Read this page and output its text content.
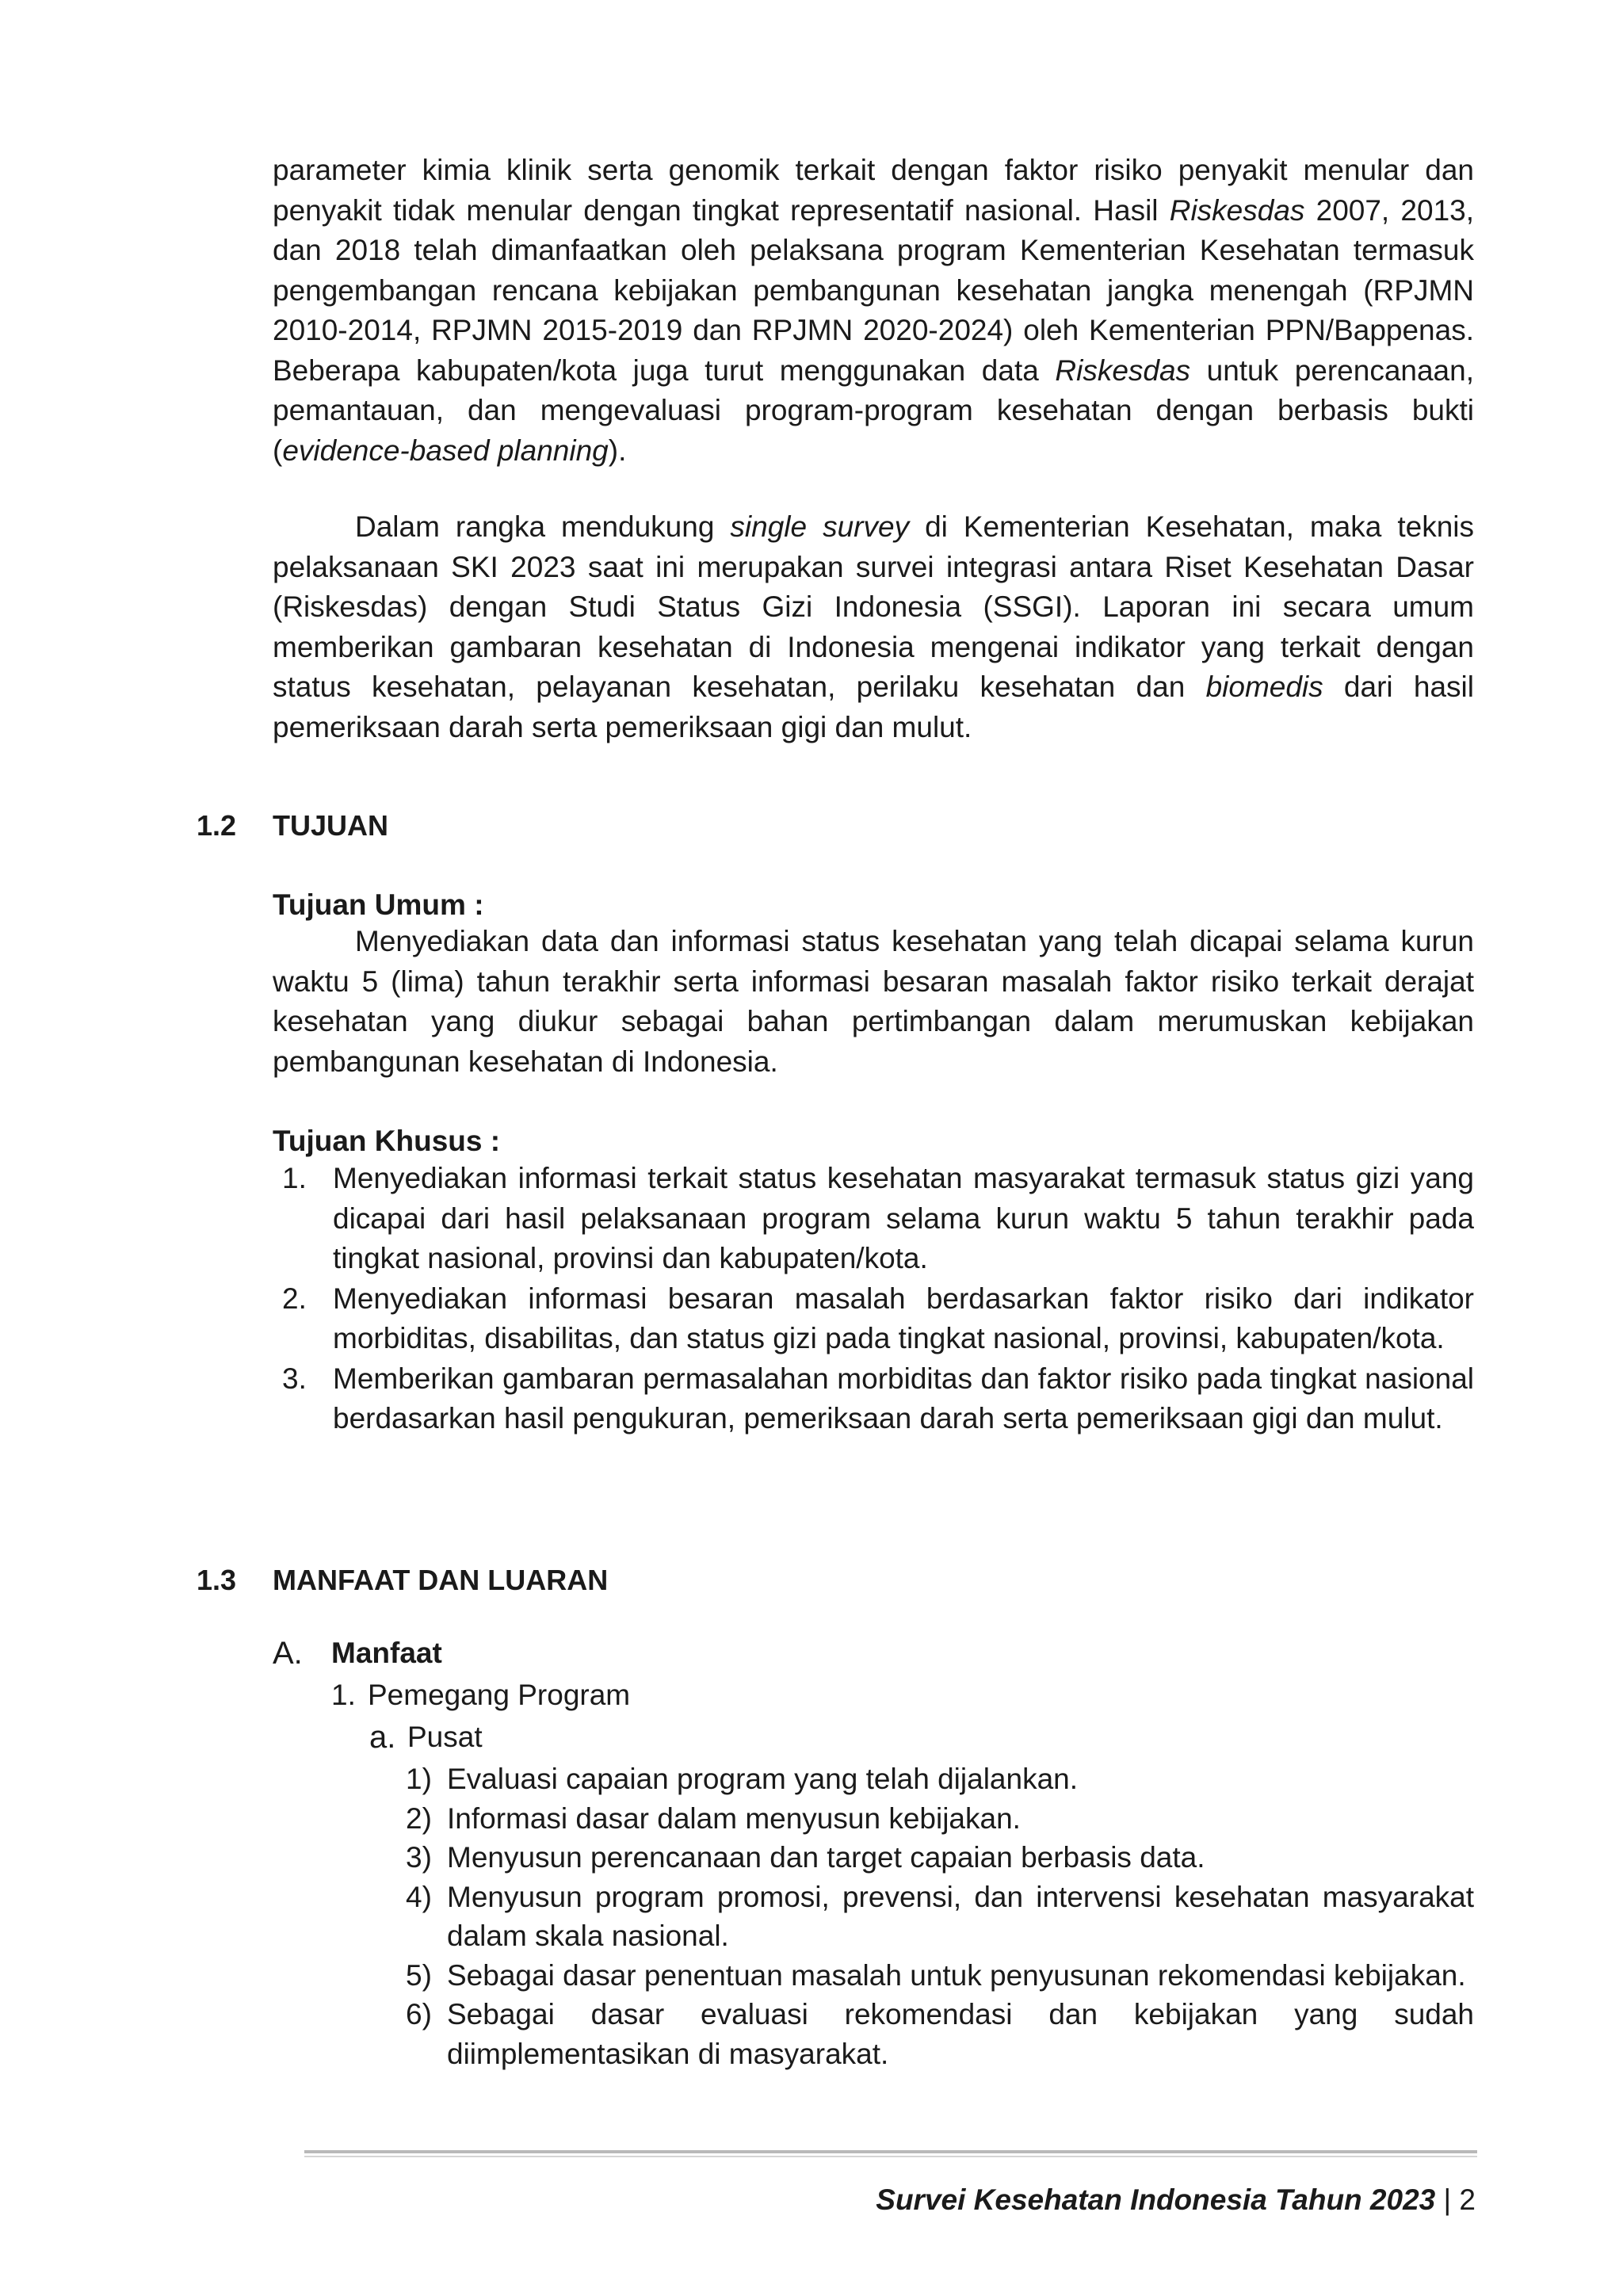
parameter kimia klinik serta genomik terkait dengan faktor risiko penyakit menular dan penyakit tidak menular dengan tingkat representatif nasional. Hasil Riskesdas 2007, 2013, dan 2018 telah dimanfaatkan oleh pelaksana program Kementerian Kesehatan termasuk pengembangan rencana kebijakan pembangunan kesehatan jangka menengah (RPJMN 2010-2014, RPJMN 2015-2019 dan RPJMN 2020-2024) oleh Kementerian PPN/Bappenas. Beberapa kabupaten/kota juga turut menggunakan data Riskesdas untuk perencanaan, pemantauan, dan mengevaluasi program-program kesehatan dengan berbasis bukti (evidence-based planning).
Dalam rangka mendukung single survey di Kementerian Kesehatan, maka teknis pelaksanaan SKI 2023 saat ini merupakan survei integrasi antara Riset Kesehatan Dasar (Riskesdas) dengan Studi Status Gizi Indonesia (SSGI). Laporan ini secara umum memberikan gambaran kesehatan di Indonesia mengenai indikator yang terkait dengan status kesehatan, pelayanan kesehatan, perilaku kesehatan dan biomedis dari hasil pemeriksaan darah serta pemeriksaan gigi dan mulut.
1.2 TUJUAN
Tujuan Umum :
Menyediakan data dan informasi status kesehatan yang telah dicapai selama kurun waktu 5 (lima) tahun terakhir serta informasi besaran masalah faktor risiko terkait derajat kesehatan yang diukur sebagai bahan pertimbangan dalam merumuskan kebijakan pembangunan kesehatan di Indonesia.
Tujuan Khusus :
1. Menyediakan informasi terkait status kesehatan masyarakat termasuk status gizi yang dicapai dari hasil pelaksanaan program selama kurun waktu 5 tahun terakhir pada tingkat nasional, provinsi dan kabupaten/kota.
2. Menyediakan informasi besaran masalah berdasarkan faktor risiko dari indikator morbiditas, disabilitas, dan status gizi pada tingkat nasional, provinsi, kabupaten/kota.
3. Memberikan gambaran permasalahan morbiditas dan faktor risiko pada tingkat nasional berdasarkan hasil pengukuran, pemeriksaan darah serta pemeriksaan gigi dan mulut.
1.3 MANFAAT DAN LUARAN
A. Manfaat
1. Pemegang Program
a. Pusat
1) Evaluasi capaian program yang telah dijalankan.
2) Informasi dasar dalam menyusun kebijakan.
3) Menyusun perencanaan dan target capaian berbasis data.
4) Menyusun program promosi, prevensi, dan intervensi kesehatan masyarakat dalam skala nasional.
5) Sebagai dasar penentuan masalah untuk penyusunan rekomendasi kebijakan.
6) Sebagai dasar evaluasi rekomendasi dan kebijakan yang sudah diimplementasikan di masyarakat.
Survei Kesehatan Indonesia Tahun 2023 | 2
